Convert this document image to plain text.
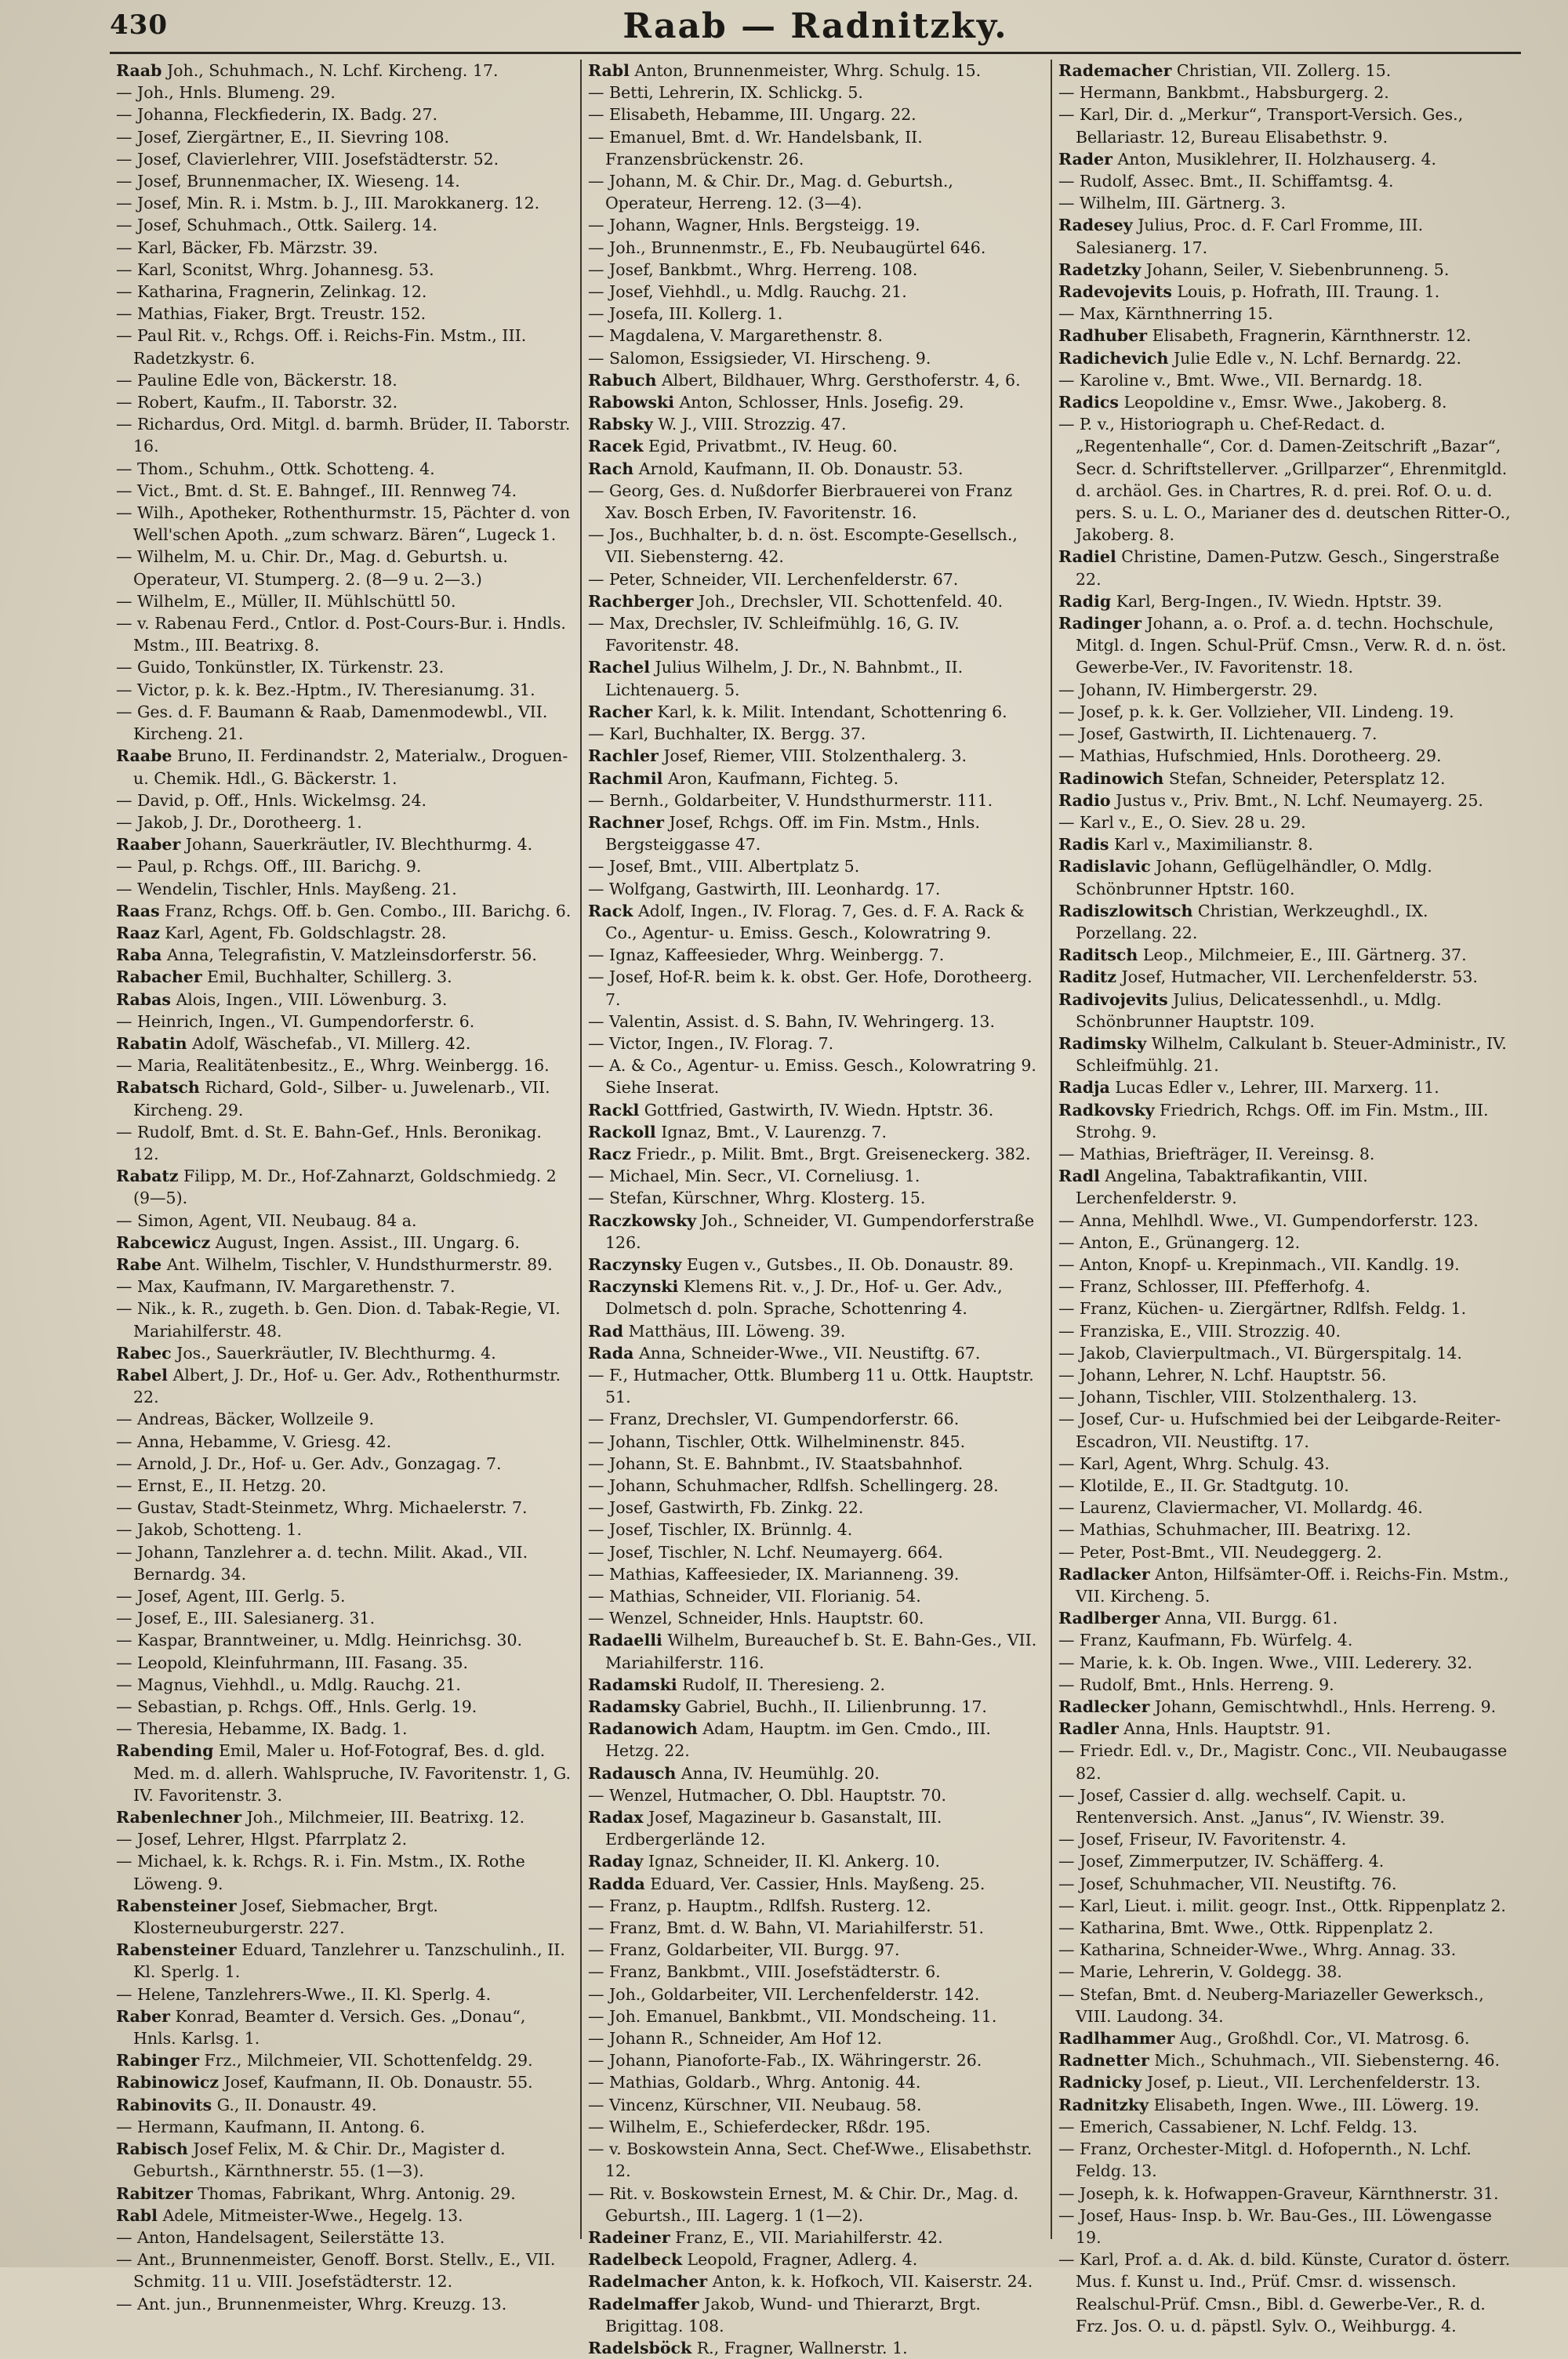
430	Raab — Radnitzky.

Raab Joh., Schuhmach., N. Lchf. Kircheng. 17.

— Joh., Hnls. Blumeng. 29.

— Johanna, Fleckfiederin, IX. Badg. 27.

— Josef, Ziergärtner, E., II. Sievring 108.

— Josef, Clavierlehrer, VIII. Josefstädterstr. 52.

— Josef, Brunnenmacher, IX. Wieseng. 14.

— Josef, Min. R. i. Mstm. b. J., III. Marokkanerg. 12.

— Josef, Schuhmach., Ottk. Sailerg. 14.

— Karl, Bäcker, Fb. Märzstr. 39.

— Karl, Sconitst, Whrg. Johannesg. 53.

— Katharina, Fragnerin, Zelinkag. 12.

— Mathias, Fiaker, Brgt. Treustr. 152.

— Paul Rit. v., Rchgs. Off. i. Reichs-Fin. Mstm., III. Radetzkystr. 6.

— Pauline Edle von, Bäckerstr. 18.

— Robert, Kaufm., II. Taborstr. 32.

— Richardus, Ord. Mitgl. d. barmh. Brüder, II. Taborstr. 16.

— Thom., Schuhm., Ottk. Schotteng. 4.

— Vict., Bmt. d. St. E. Bahngef., III. Rennweg 74.

— Wilh., Apotheker, Rothenthurmstr. 15, Pächter d. von Well'schen Apoth. „zum schwarz. Bären“, Lugeck 1.

— Wilhelm, M. u. Chir. Dr., Mag. d. Geburtsh. u. Operateur, VI. Stumperg. 2. (8—9 u. 2—3.)

— Wilhelm, E., Müller, II. Mühlschüttl 50.

— v. Rabenau Ferd., Cntlor. d. Post-Cours-Bur. i. Hndls. Mstm., III. Beatrixg. 8.

— Guido, Tonkünstler, IX. Türkenstr. 23.

— Victor, p. k. k. Bez.-Hptm., IV. Theresianumg. 31.

— Ges. d. F. Baumann & Raab, Damenmodewbl., VII. Kircheng. 21.

Raabe Bruno, II. Ferdinandstr. 2, Materialw., Droguen- u. Chemik. Hdl., G. Bäckerstr. 1.

— David, p. Off., Hnls. Wickelmsg. 24.

— Jakob, J. Dr., Dorotheerg. 1.

Raaber Johann, Sauerkräutler, IV. Blechthurmg. 4.

— Paul, p. Rchgs. Off., III. Barichg. 9.

— Wendelin, Tischler, Hnls. Mayßeng. 21.

Raas Franz, Rchgs. Off. b. Gen. Combo., III. Barichg. 6.

Raaz Karl, Agent, Fb. Goldschlagstr. 28.

Raba Anna, Telegrafistin, V. Matzleinsdorferstr. 56.

Rabacher Emil, Buchhalter, Schillerg. 3.

Rabas Alois, Ingen., VIII. Löwenburg. 3.

— Heinrich, Ingen., VI. Gumpendorferstr. 6.

Rabatin Adolf, Wäschefab., VI. Millerg. 42.

— Maria, Realitätenbesitz., E., Whrg. Weinbergg. 16.

Rabatsch Richard, Gold-, Silber- u. Juwelenarb., VII. Kircheng. 29.

— Rudolf, Bmt. d. St. E. Bahn-Gef., Hnls. Beronikag. 12.

Rabatz Filipp, M. Dr., Hof-Zahnarzt, Goldschmiedg. 2 (9—5).

— Simon, Agent, VII. Neubaug. 84 a.

Rabcewicz August, Ingen. Assist., III. Ungarg. 6.

Rabe Ant. Wilhelm, Tischler, V. Hundsthurmerstr. 89.

— Max, Kaufmann, IV. Margarethenstr. 7.

— Nik., k. R., zugeth. b. Gen. Dion. d. Tabak-Regie, VI. Mariahilferstr. 48.

Rabec Jos., Sauerkräutler, IV. Blechthurmg. 4.

Rabel Albert, J. Dr., Hof- u. Ger. Adv., Rothenthurmstr. 22.

— Andreas, Bäcker, Wollzeile 9.

— Anna, Hebamme, V. Griesg. 42.

— Arnold, J. Dr., Hof- u. Ger. Adv., Gonzagag. 7.

— Ernst, E., II. Hetzg. 20.

— Gustav, Stadt-Steinmetz, Whrg. Michaelerstr. 7.

— Jakob, Schotteng. 1.

— Johann, Tanzlehrer a. d. techn. Milit. Akad., VII. Bernardg. 34.

— Josef, Agent, III. Gerlg. 5.

— Josef, E., III. Salesianerg. 31.

— Kaspar, Branntweiner, u. Mdlg. Heinrichsg. 30.

— Leopold, Kleinfuhrmann, III. Fasang. 35.

— Magnus, Viehhdl., u. Mdlg. Rauchg. 21.

— Sebastian, p. Rchgs. Off., Hnls. Gerlg. 19.

— Theresia, Hebamme, IX. Badg. 1.

Rabending Emil, Maler u. Hof-Fotograf, Bes. d. gld. Med. m. d. allerh. Wahlspruche, IV. Favoritenstr. 1, G. IV. Favoritenstr. 3.

Rabenlechner Joh., Milchmeier, III. Beatrixg. 12.

— Josef, Lehrer, Hlgst. Pfarrplatz 2.

— Michael, k. k. Rchgs. R. i. Fin. Mstm., IX. Rothe Löweng. 9.

Rabensteiner Josef, Siebmacher, Brgt. Klosterneuburgerstr. 227.

Rabensteiner Eduard, Tanzlehrer u. Tanzschulinh., II. Kl. Sperlg. 1.

— Helene, Tanzlehrers-Wwe., II. Kl. Sperlg. 4.

Raber Konrad, Beamter d. Versich. Ges. „Donau“, Hnls. Karlsg. 1.

Rabinger Frz., Milchmeier, VII. Schottenfeldg. 29.

Rabinowicz Josef, Kaufmann, II. Ob. Donaustr. 55.

Rabinovits G., II. Donaustr. 49.

— Hermann, Kaufmann, II. Antong. 6.

Rabisch Josef Felix, M. & Chir. Dr., Magister d. Geburtsh., Kärnthnerstr. 55. (1—3).

Rabitzer Thomas, Fabrikant, Whrg. Antonig. 29.

Rabl Adele, Mitmeister-Wwe., Hegelg. 13.

— Anton, Handelsagent, Seilerstätte 13.

— Ant., Brunnenmeister, Genoff. Borst. Stellv., E., VII. Schmitg. 11 u. VIII. Josefstädterstr. 12.

— Ant. jun., Brunnenmeister, Whrg. Kreuzg. 13.

Rabl Anton, Brunnenmeister, Whrg. Schulg. 15.

— Betti, Lehrerin, IX. Schlickg. 5.

— Elisabeth, Hebamme, III. Ungarg. 22.

— Emanuel, Bmt. d. Wr. Handelsbank, II. Franzensbrückenstr. 26.

— Johann, M. & Chir. Dr., Mag. d. Geburtsh., Operateur, Herreng. 12. (3—4).

— Johann, Wagner, Hnls. Bergsteigg. 19.

— Joh., Brunnenmstr., E., Fb. Neubaugürtel 646.

— Josef, Bankbmt., Whrg. Herreng. 108.

— Josef, Viehhdl., u. Mdlg. Rauchg. 21.

— Josefa, III. Kollerg. 1.

— Magdalena, V. Margarethenstr. 8.

— Salomon, Essigsieder, VI. Hirscheng. 9.

Rabuch Albert, Bildhauer, Whrg. Gersthoferstr. 4, 6.

Rabowski Anton, Schlosser, Hnls. Josefig. 29.

Rabsky W. J., VIII. Strozzig. 47.

Racek Egid, Privatbmt., IV. Heug. 60.

Rach Arnold, Kaufmann, II. Ob. Donaustr. 53.

— Georg, Ges. d. Nußdorfer Bierbrauerei von Franz Xav. Bosch Erben, IV. Favoritenstr. 16.

— Jos., Buchhalter, b. d. n. öst. Escompte-Gesellsch., VII. Siebensterng. 42.

— Peter, Schneider, VII. Lerchenfelderstr. 67.

Rachberger Joh., Drechsler, VII. Schottenfeld. 40.

— Max, Drechsler, IV. Schleifmühlg. 16, G. IV. Favoritenstr. 48.

Rachel Julius Wilhelm, J. Dr., N. Bahnbmt., II. Lichtenauerg. 5.

Racher Karl, k. k. Milit. Intendant, Schottenring 6.

— Karl, Buchhalter, IX. Bergg. 37.

Rachler Josef, Riemer, VIII. Stolzenthalerg. 3.

Rachmil Aron, Kaufmann, Fichteg. 5.

— Bernh., Goldarbeiter, V. Hundsthurmerstr. 111.

Rachner Josef, Rchgs. Off. im Fin. Mstm., Hnls. Bergsteiggasse 47.

— Josef, Bmt., VIII. Albertplatz 5.

— Wolfgang, Gastwirth, III. Leonhardg. 17.

Rack Adolf, Ingen., IV. Florag. 7, Ges. d. F. A. Rack & Co., Agentur- u. Emiss. Gesch., Kolowratring 9.

— Ignaz, Kaffeesieder, Whrg. Weinbergg. 7.

— Josef, Hof-R. beim k. k. obst. Ger. Hofe, Dorotheerg. 7.

— Valentin, Assist. d. S. Bahn, IV. Wehringerg. 13.

— Victor, Ingen., IV. Florag. 7.

— A. & Co., Agentur- u. Emiss. Gesch., Kolowratring 9. Siehe Inserat.

Rackl Gottfried, Gastwirth, IV. Wiedn. Hptstr. 36.

Rackoll Ignaz, Bmt., V. Laurenzg. 7.

Racz Friedr., p. Milit. Bmt., Brgt. Greiseneckerg. 382.

— Michael, Min. Secr., VI. Corneliusg. 1.

— Stefan, Kürschner, Whrg. Klosterg. 15.

Raczkowsky Joh., Schneider, VI. Gumpendorferstraße 126.

Raczynsky Eugen v., Gutsbes., II. Ob. Donaustr. 89.

Raczynski Klemens Rit. v., J. Dr., Hof- u. Ger. Adv., Dolmetsch d. poln. Sprache, Schottenring 4.

Rad Matthäus, III. Löweng. 39.

Rada Anna, Schneider-Wwe., VII. Neustiftg. 67.

— F., Hutmacher, Ottk. Blumberg 11 u. Ottk. Hauptstr. 51.

— Franz, Drechsler, VI. Gumpendorferstr. 66.

— Johann, Tischler, Ottk. Wilhelminenstr. 845.

— Johann, St. E. Bahnbmt., IV. Staatsbahnhof.

— Johann, Schuhmacher, Rdlfsh. Schellingerg. 28.

— Josef, Gastwirth, Fb. Zinkg. 22.

— Josef, Tischler, IX. Brünnlg. 4.

— Josef, Tischler, N. Lchf. Neumayerg. 664.

— Mathias, Kaffeesieder, IX. Marianneng. 39.

— Mathias, Schneider, VII. Florianig. 54.

— Wenzel, Schneider, Hnls. Hauptstr. 60.

Radaelli Wilhelm, Bureauchef b. St. E. Bahn-Ges., VII. Mariahilferstr. 116.

Radamski Rudolf, II. Theresieng. 2.

Radamsky Gabriel, Buchh., II. Lilienbrunng. 17.

Radanowich Adam, Hauptm. im Gen. Cmdo., III. Hetzg. 22.

Radausch Anna, IV. Heumühlg. 20.

— Wenzel, Hutmacher, O. Dbl. Hauptstr. 70.

Radax Josef, Magazineur b. Gasanstalt, III. Erdbergerlände 12.

Raday Ignaz, Schneider, II. Kl. Ankerg. 10.

Radda Eduard, Ver. Cassier, Hnls. Mayßeng. 25.

— Franz, p. Hauptm., Rdlfsh. Rusterg. 12.

— Franz, Bmt. d. W. Bahn, VI. Mariahilferstr. 51.

— Franz, Goldarbeiter, VII. Burgg. 97.

— Franz, Bankbmt., VIII. Josefstädterstr. 6.

— Joh., Goldarbeiter, VII. Lerchenfelderstr. 142.

— Joh. Emanuel, Bankbmt., VII. Mondscheing. 11.

— Johann R., Schneider, Am Hof 12.

— Johann, Pianoforte-Fab., IX. Währingerstr. 26.

— Mathias, Goldarb., Whrg. Antonig. 44.

— Vincenz, Kürschner, VII. Neubaug. 58.

— Wilhelm, E., Schieferdecker, Rßdr. 195.

— v. Boskowstein Anna, Sect. Chef-Wwe., Elisabethstr. 12.

— Rit. v. Boskowstein Ernest, M. & Chir. Dr., Mag. d. Geburtsh., III. Lagerg. 1 (1—2).

Radeiner Franz, E., VII. Mariahilferstr. 42.

Radelbeck Leopold, Fragner, Adlerg. 4.

Radelmacher Anton, k. k. Hofkoch, VII. Kaiserstr. 24.

Radelmaffer Jakob, Wund- und Thierarzt, Brgt. Brigittag. 108.

Radelsböck R., Fragner, Wallnerstr. 1.

Rademacher Christian, VII. Zollerg. 15.

— Hermann, Bankbmt., Habsburgerg. 2.

— Karl, Dir. d. „Merkur“, Transport-Versich. Ges., Bellariastr. 12, Bureau Elisabethstr. 9.

Rader Anton, Musiklehrer, II. Holzhauserg. 4.

— Rudolf, Assec. Bmt., II. Schiffamtsg. 4.

— Wilhelm, III. Gärtnerg. 3.

Radesey Julius, Proc. d. F. Carl Fromme, III. Salesianerg. 17.

Radetzky Johann, Seiler, V. Siebenbrunneng. 5.

Radevojevits Louis, p. Hofrath, III. Traung. 1.

— Max, Kärnthnerring 15.

Radhuber Elisabeth, Fragnerin, Kärnthnerstr. 12.

Radichevich Julie Edle v., N. Lchf. Bernardg. 22.

— Karoline v., Bmt. Wwe., VII. Bernardg. 18.

Radics Leopoldine v., Emsr. Wwe., Jakoberg. 8.

— P. v., Historiograph u. Chef-Redact. d. „Regentenhalle“, Cor. d. Damen-Zeitschrift „Bazar“, Secr. d. Schriftstellerver. „Grillparzer“, Ehrenmitgld. d. archäol. Ges. in Chartres, R. d. prei. Rof. O. u. d. pers. S. u. L. O., Marianer des d. deutschen Ritter-O., Jakoberg. 8.

Radiel Christine, Damen-Putzw. Gesch., Singerstraße 22.

Radig Karl, Berg-Ingen., IV. Wiedn. Hptstr. 39.

Radinger Johann, a. o. Prof. a. d. techn. Hochschule, Mitgl. d. Ingen. Schul-Prüf. Cmsn., Verw. R. d. n. öst. Gewerbe-Ver., IV. Favoritenstr. 18.

— Johann, IV. Himbergerstr. 29.

— Josef, p. k. k. Ger. Vollzieher, VII. Lindeng. 19.

— Josef, Gastwirth, II. Lichtenauerg. 7.

— Mathias, Hufschmied, Hnls. Dorotheerg. 29.

Radinowich Stefan, Schneider, Petersplatz 12.

Radio Justus v., Priv. Bmt., N. Lchf. Neumayerg. 25.

— Karl v., E., O. Siev. 28 u. 29.

Radis Karl v., Maximilianstr. 8.

Radislavic Johann, Geflügelhändler, O. Mdlg. Schönbrunner Hptstr. 160.

Radiszlowitsch Christian, Werkzeughdl., IX. Porzellang. 22.

Raditsch Leop., Milchmeier, E., III. Gärtnerg. 37.

Raditz Josef, Hutmacher, VII. Lerchenfelderstr. 53.

Radivojevits Julius, Delicatessenhdl., u. Mdlg. Schönbrunner Hauptstr. 109.

Radimsky Wilhelm, Calkulant b. Steuer-Administr., IV. Schleifmühlg. 21.

Radja Lucas Edler v., Lehrer, III. Marxerg. 11.

Radkovsky Friedrich, Rchgs. Off. im Fin. Mstm., III. Strohg. 9.

— Mathias, Briefträger, II. Vereinsg. 8.

Radl Angelina, Tabaktrafikantin, VIII. Lerchenfelderstr. 9.

— Anna, Mehlhdl. Wwe., VI. Gumpendorferstr. 123.

— Anton, E., Grünangerg. 12.

— Anton, Knopf- u. Krepinmach., VII. Kandlg. 19.

— Franz, Schlosser, III. Pfefferhofg. 4.

— Franz, Küchen- u. Ziergärtner, Rdlfsh. Feldg. 1.

— Franziska, E., VIII. Strozzig. 40.

— Jakob, Clavierpultmach., VI. Bürgerspitalg. 14.

— Johann, Lehrer, N. Lchf. Hauptstr. 56.

— Johann, Tischler, VIII. Stolzenthalerg. 13.

— Josef, Cur- u. Hufschmied bei der Leibgarde-Reiter-Escadron, VII. Neustiftg. 17.

— Karl, Agent, Whrg. Schulg. 43.

— Klotilde, E., II. Gr. Stadtgutg. 10.

— Laurenz, Claviermacher, VI. Mollardg. 46.

— Mathias, Schuhmacher, III. Beatrixg. 12.

— Peter, Post-Bmt., VII. Neudeggerg. 2.

Radlacker Anton, Hilfsämter-Off. i. Reichs-Fin. Mstm., VII. Kircheng. 5.

Radlberger Anna, VII. Burgg. 61.

— Franz, Kaufmann, Fb. Würfelg. 4.

— Marie, k. k. Ob. Ingen. Wwe., VIII. Lederery. 32.

— Rudolf, Bmt., Hnls. Herreng. 9.

Radlecker Johann, Gemischtwhdl., Hnls. Herreng. 9.

Radler Anna, Hnls. Hauptstr. 91.

— Friedr. Edl. v., Dr., Magistr. Conc., VII. Neubaugasse 82.

— Josef, Cassier d. allg. wechself. Capit. u. Rentenversich. Anst. „Janus“, IV. Wienstr. 39.

— Josef, Friseur, IV. Favoritenstr. 4.

— Josef, Zimmerputzer, IV. Schäfferg. 4.

— Josef, Schuhmacher, VII. Neustiftg. 76.

— Karl, Lieut. i. milit. geogr. Inst., Ottk. Rippenplatz 2.

— Katharina, Bmt. Wwe., Ottk. Rippenplatz 2.

— Katharina, Schneider-Wwe., Whrg. Annag. 33.

— Marie, Lehrerin, V. Goldegg. 38.

— Stefan, Bmt. d. Neuberg-Mariazeller Gewerksch., VIII. Laudong. 34.

Radlhammer Aug., Großhdl. Cor., VI. Matrosg. 6.

Radnetter Mich., Schuhmach., VII. Siebensterng. 46.

Radnicky Josef, p. Lieut., VII. Lerchenfelderstr. 13.

Radnitzky Elisabeth, Ingen. Wwe., III. Löwerg. 19.

— Emerich, Cassabiener, N. Lchf. Feldg. 13.

— Franz, Orchester-Mitgl. d. Hofopernth., N. Lchf. Feldg. 13.

— Joseph, k. k. Hofwappen-Graveur, Kärnthnerstr. 31.

— Josef, Haus- Insp. b. Wr. Bau-Ges., III. Löwengasse 19.

— Karl, Prof. a. d. Ak. d. bild. Künste, Curator d. österr. Mus. f. Kunst u. Ind., Prüf. Cmsr. d. wissensch. Realschul-Prüf. Cmsn., Bibl. d. Gewerbe-Ver., R. d. Frz. Jos. O. u. d. päpstl. Sylv. O., Weihburgg. 4.
